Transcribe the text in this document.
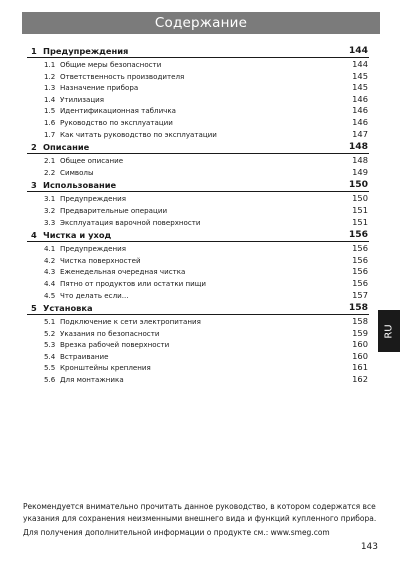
Содержание
1 Предупреждения	144
1.1 Общие меры безопасности	144
1.2 Ответственность производителя	145
1.3 Назначение прибора	145
1.4 Утилизация	146
1.5 Идентификационная табличка	146
1.6 Руководство по эксплуатации	146
1.7 Как читать руководство по эксплуатации	147
2 Описание	148
2.1 Общее описание	148
2.2 Символы	149
3 Использование	150
3.1 Предупреждения	150
3.2 Предварительные операции	151
3.3 Эксплуатация варочной поверхности	151
4 Чистка и уход	156
4.1 Предупреждения	156
4.2 Чистка поверхностей	156
4.3 Еженедельная очередная чистка	156
4.4 Пятно от продуктов или остатки пищи	156
4.5 Что делать если...	157
5 Установка	158
5.1 Подключение к сети электропитания	158
5.2 Указания по безопасности	159
5.3 Врезка рабочей поверхности	160
5.4 Встраивание	160
5.5 Кронштейны крепления	161
5.6 Для монтажника	162
RU

Рекомендуется внимательно прочитать данное руководство, в котором содержатся все указания для сохранения неизменными внешнего вида и функций купленного прибора.

Для получения дополнительной информации о продукте см.: www.smeg.com

143
